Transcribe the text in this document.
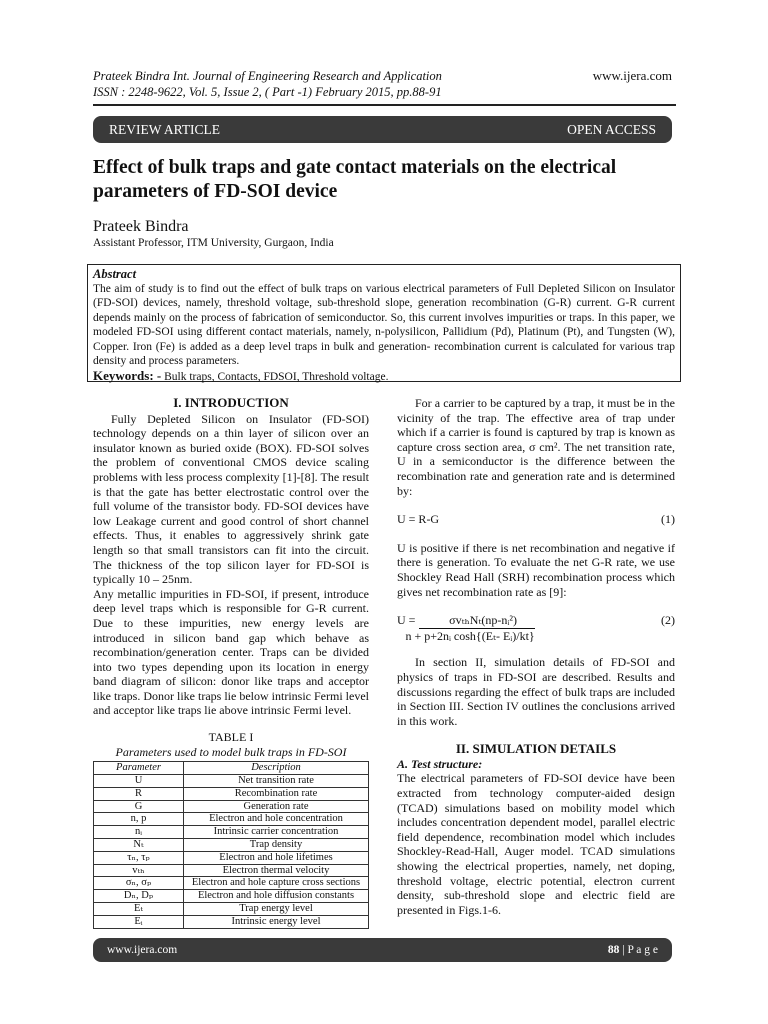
Prateek Bindra Int. Journal of Engineering Research and Application
ISSN : 2248-9622, Vol. 5, Issue 2, ( Part -1) February 2015, pp.88-91
www.ijera.com
REVIEW ARTICLE	OPEN ACCESS
Effect of bulk traps and gate contact materials on the electrical parameters of FD-SOI device
Prateek Bindra
Assistant Professor, ITM University, Gurgaon, India
Abstract
The aim of study is to find out the effect of bulk traps on various electrical parameters of Full Depleted Silicon on Insulator (FD-SOI) devices, namely, threshold voltage, sub-threshold slope, generation recombination (G-R) current. G-R current depends mainly on the process of fabrication of semiconductor. So, this current involves impurities or traps. In this paper, we modeled FD-SOI using different contact materials, namely, n-polysilicon, Pallidium (Pd), Platinum (Pt), and Tungsten (W), Copper. Iron (Fe) is added as a deep level traps in bulk and generation- recombination current is calculated for various trap density and process parameters.
Keywords: - Bulk traps, Contacts, FDSOI, Threshold voltage.
I. INTRODUCTION
Fully Depleted Silicon on Insulator (FD-SOI) technology depends on a thin layer of silicon over an insulator known as buried oxide (BOX). FD-SOI solves the problem of conventional CMOS device scaling problems with less process complexity [1]-[8]. The result is that the gate has better electrostatic control over the full volume of the transistor body. FD-SOI devices have low Leakage current and good control of short channel effects. Thus, it enables to aggressively shrink gate length so that small transistors can fit into the circuit. The thickness of the top silicon layer for FD-SOI is typically 10 – 25nm.
Any metallic impurities in FD-SOI, if present, introduce deep level traps which is responsible for G-R current. Due to these impurities, new energy levels are introduced in silicon band gap which behave as recombination/generation center. Traps can be divided into two types depending upon its location in energy band diagram of silicon: donor like traps and acceptor like traps. Donor like traps lie below intrinsic Fermi level and acceptor like traps lie above intrinsic Fermi level.
TABLE I
Parameters used to model bulk traps in FD-SOI
Parameter	Description
U	Net transition rate
R	Recombination rate
G	Generation rate
n, p	Electron and hole concentration
nᵢ	Intrinsic carrier concentration
Nₜ	Trap density
τₙ, τₚ	Electron and hole lifetimes
vₜₕ	Electron thermal velocity
σₙ, σₚ	Electron and hole capture cross sections
Dₙ, Dₚ	Electron and hole diffusion constants
Eₜ	Trap energy level
Eᵢ	Intrinsic energy level
For a carrier to be captured by a trap, it must be in the vicinity of the trap. The effective area of trap under which if a carrier is found is captured by trap is known as capture cross section area, σ cm². The net transition rate, U in a semiconductor is the difference between the recombination rate and generation rate and is determined by:
U = R-G	(1)
U is positive if there is net recombination and negative if there is generation. To evaluate the net G-R rate, we use Shockley Read Hall (SRH) recombination process which gives net recombination rate as [9]:
U =	σvₜₕNₜ(np-nᵢ²)
n + p+2nᵢ cosh{(Eₜ- Eᵢ)/kt}
(2)
In section II, simulation details of FD-SOI and physics of traps in FD-SOI are described. Results and discussions regarding the effect of bulk traps are included in Section III. Section IV outlines the conclusions arrived in this work.
II. SIMULATION DETAILS
A. Test structure:
The electrical parameters of FD-SOI device have been extracted from technology computer-aided design (TCAD) simulations based on mobility model which includes concentration dependent model, parallel electric field dependence, recombination model which includes Shockley-Read-Hall, Auger model. TCAD simulations showing the electrical properties, namely, net doping, threshold voltage, electric potential, electron current density, sub-threshold slope and electric field are presented in Figs.1-6.
www.ijera.com	88 | P a g e
